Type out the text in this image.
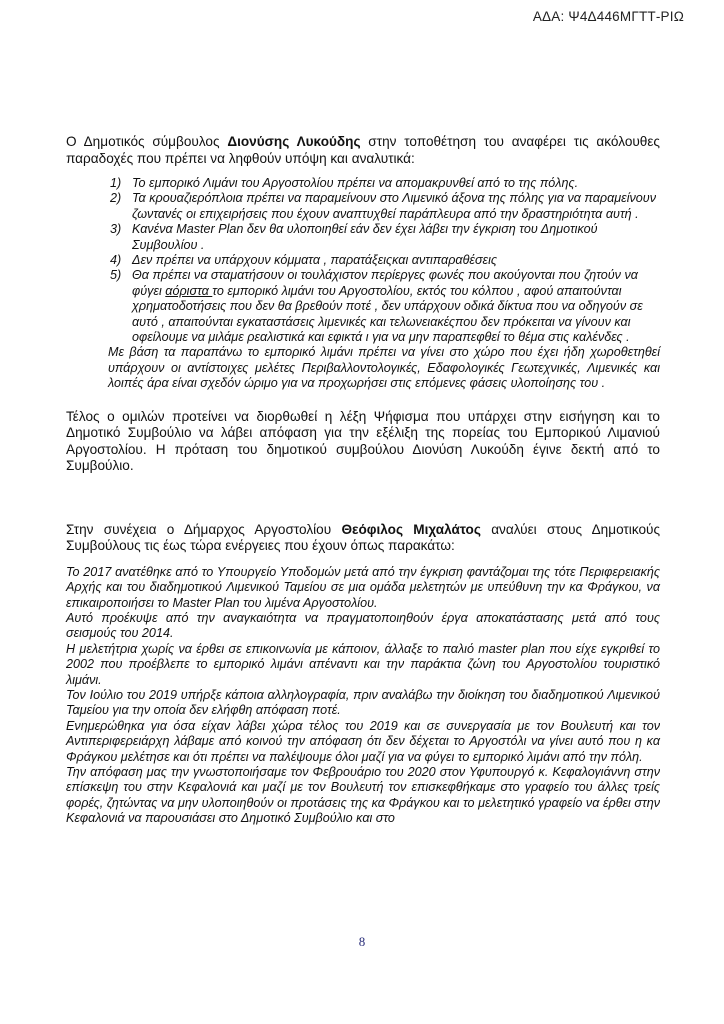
ΑΔΑ: Ψ4Δ446ΜΓΤΤ-ΡΙΩ

Ο Δημοτικός σύμβουλος Διονύσης Λυκούδης στην τοποθέτηση του αναφέρει τις ακόλουθες παραδοχές που πρέπει να ληφθούν υπόψη και αναλυτικά:

1) Το εμπορικό Λιμάνι του Αργοστολίου πρέπει να απομακρυνθεί από το της πόλης.
2) Τα κρουαζιερόπλοια πρέπει να παραμείνουν στο Λιμενικό άξονα της πόλης για να παραμείνουν ζωντανές οι επιχειρήσεις που έχουν αναπτυχθεί παράπλευρα από την δραστηριότητα αυτή .
3) Κανένα Master Plan δεν θα υλοποιηθεί εάν δεν έχει λάβει την έγκριση του Δημοτικού Συμβουλίου .
4) Δεν πρέπει να υπάρχουν κόμματα , παρατάξειςκαι αντιπαραθέσεις
5) Θα πρέπει να σταματήσουν οι τουλάχιστον περίεργες φωνές που ακούγονται που ζητούν να φύγει αόριστα το εμπορικό λιμάνι του Αργοστολίου, εκτός του κόλπου , αφού απαιτούνται χρηματοδοτήσεις που δεν θα βρεθούν ποτέ , δεν υπάρχουν οδικά δίκτυα που να οδηγούν σε αυτό , απαιτούνται εγκαταστάσεις λιμενικές και τελωνειακέςπου δεν πρόκειται να γίνουν και οφείλουμε να μιλάμε ρεαλιστικά και εφικτά ι για να μην παραπεφθεί το θέμα στις καλένδες .

Με βάση τα παραπάνω το εμπορικό λιμάνι πρέπει να γίνει στο χώρο που έχει ήδη χωροθετηθεί υπάρχουν οι αντίστοιχες μελέτες Περιβαλλοντολογικές, Εδαφολογικές Γεωτεχνικές, Λιμενικές και λοιπές άρα είναι σχεδόν ώριμο για να προχωρήσει στις επόμενες φάσεις υλοποίησης του .

Τέλος ο ομιλών προτείνει να διορθωθεί η λέξη Ψήφισμα που υπάρχει στην εισήγηση και το Δημοτικό Συμβούλιο να λάβει απόφαση για την εξέλιξη της πορείας του Εμπορικού Λιμανιού Αργοστολίου. Η πρόταση του δημοτικού συμβούλου Διονύση Λυκούδη έγινε δεκτή από το Συμβούλιο.

Στην συνέχεια ο Δήμαρχος Αργοστολίου Θεόφιλος Μιχαλάτος αναλύει στους Δημοτικούς Συμβούλους τις έως τώρα ενέργειες που έχουν όπως παρακάτω:

Το 2017 ανατέθηκε από το Υπουργείο Υποδομών μετά από την έγκριση φαντάζομαι της τότε Περιφερειακής Αρχής και του διαδημοτικού Λιμενικού Ταμείου σε μια ομάδα μελετητών με υπεύθυνη την κα Φράγκου, να επικαιροποιήσει το Master Plan του λιμένα Αργοστολίου.

Αυτό προέκυψε από την αναγκαιότητα να πραγματοποιηθούν έργα αποκατάστασης μετά από τους σεισμούς του 2014.

Η μελετήτρια χωρίς να έρθει σε επικοινωνία με κάποιον, άλλαξε το παλιό master plan που είχε εγκριθεί το 2002 που προέβλεπε το εμπορικό λιμάνι απέναντι και την παράκτια ζώνη του Αργοστολίου τουριστικό λιμάνι.

Τον Ιούλιο του 2019 υπήρξε κάποια αλληλογραφία, πριν αναλάβω την διοίκηση του διαδημοτικού Λιμενικού Ταμείου για την οποία δεν ελήφθη απόφαση ποτέ.

Ενημερώθηκα για όσα είχαν λάβει χώρα τέλος του 2019 και σε συνεργασία με τον Βουλευτή και τον Αντιπεριφερειάρχη λάβαμε από κοινού την απόφαση ότι δεν δέχεται το Αργοστόλι να γίνει αυτό που η κα Φράγκου μελέτησε και ότι πρέπει να παλέψουμε όλοι μαζί για να φύγει το εμπορικό λιμάνι από την πόλη.

Την απόφαση μας την γνωστοποιήσαμε τον Φεβρουάριο του 2020 στον Υφυπουργό κ. Κεφαλογιάννη στην επίσκεψη του στην Κεφαλονιά και μαζί με τον Βουλευτή τον επισκεφθήκαμε στο γραφείο του άλλες τρείς φορές, ζητώντας να μην υλοποιηθούν οι προτάσεις της κα Φράγκου και το μελετητικό γραφείο να έρθει στην Κεφαλονιά να παρουσιάσει στο Δημοτικό Συμβούλιο και στο

8
